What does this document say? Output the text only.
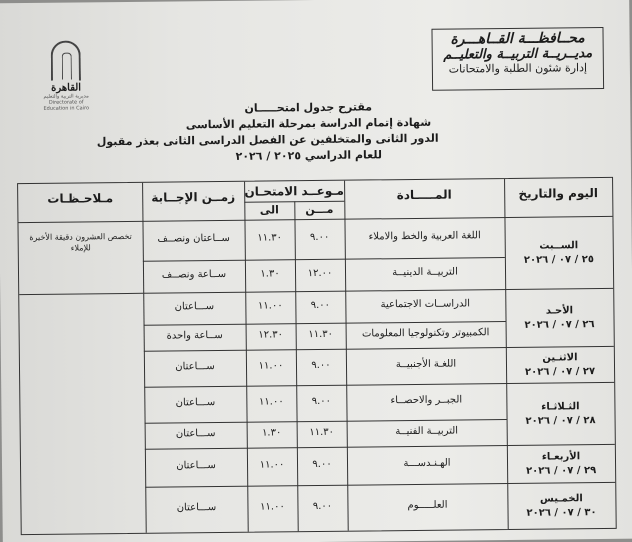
محــافظـــة القــاهـــرة
مديــريــة التربيــة والتعليــم
إدارة شئون الطلبة والامتحانات
القاهرة
مديرية التربية والتعليم
Directorate of Education in Cairo	مقترح جدول امتحـــــان
شهادة إتمام الدراسة بمرحلة التعليم الأساسى
الدور الثانى والمتخلفين عن الفصل الدراسى الثانى بعذر مقبول
للعام الدراسي ٢٠٢٥ / ٢٠٢٦
اليوم والتاريخ
المـــــادة
مـوعــد الامتحـان
مـــن
الى
زمــن الإجــابة
مـلاحـظـات
تخصص العشرون دقيقة الأخيرة للإملاء
اللغة العربية والخط والاملاء
٩.٠٠
١١.٣٠
ســاعتان ونصــف
التربيــة الدينيــة
١٢.٠٠
١.٣٠
ســاعة ونصــف
الدراســات الاجتماعية
٩.٠٠
١١.٠٠
ســـاعتان
الكمبيوتر وتكنولوجيا المعلومات
١١.٣٠
١٢.٣٠
ســاعة واحدة
اللغـة الأجنبيــة
٩.٠٠
١١.٠٠
ســـاعتان
الجبــر والاحصــاء
٩.٠٠
١١.٠٠
ســـاعتان
التربيــة الفنيــة
١١.٣٠
١.٣٠
ســـاعتان
الهـنـدســـة
٩.٠٠
١١.٠٠
ســـاعتان
العلـــــوم
٩.٠٠
١١.٠٠
ســـاعتان
الســبت
٢٥ / ٠٧ / ٢٠٢٦
الأحـد
٢٦ / ٠٧ / ٢٠٢٦
الاثنـين
٢٧ / ٠٧ / ٢٠٢٦
الثـلاثـاء
٢٨ / ٠٧ / ٢٠٢٦
الأربعـاء
٢٩ / ٠٧ / ٢٠٢٦
الخمـيس
٣٠ / ٠٧ / ٢٠٢٦
